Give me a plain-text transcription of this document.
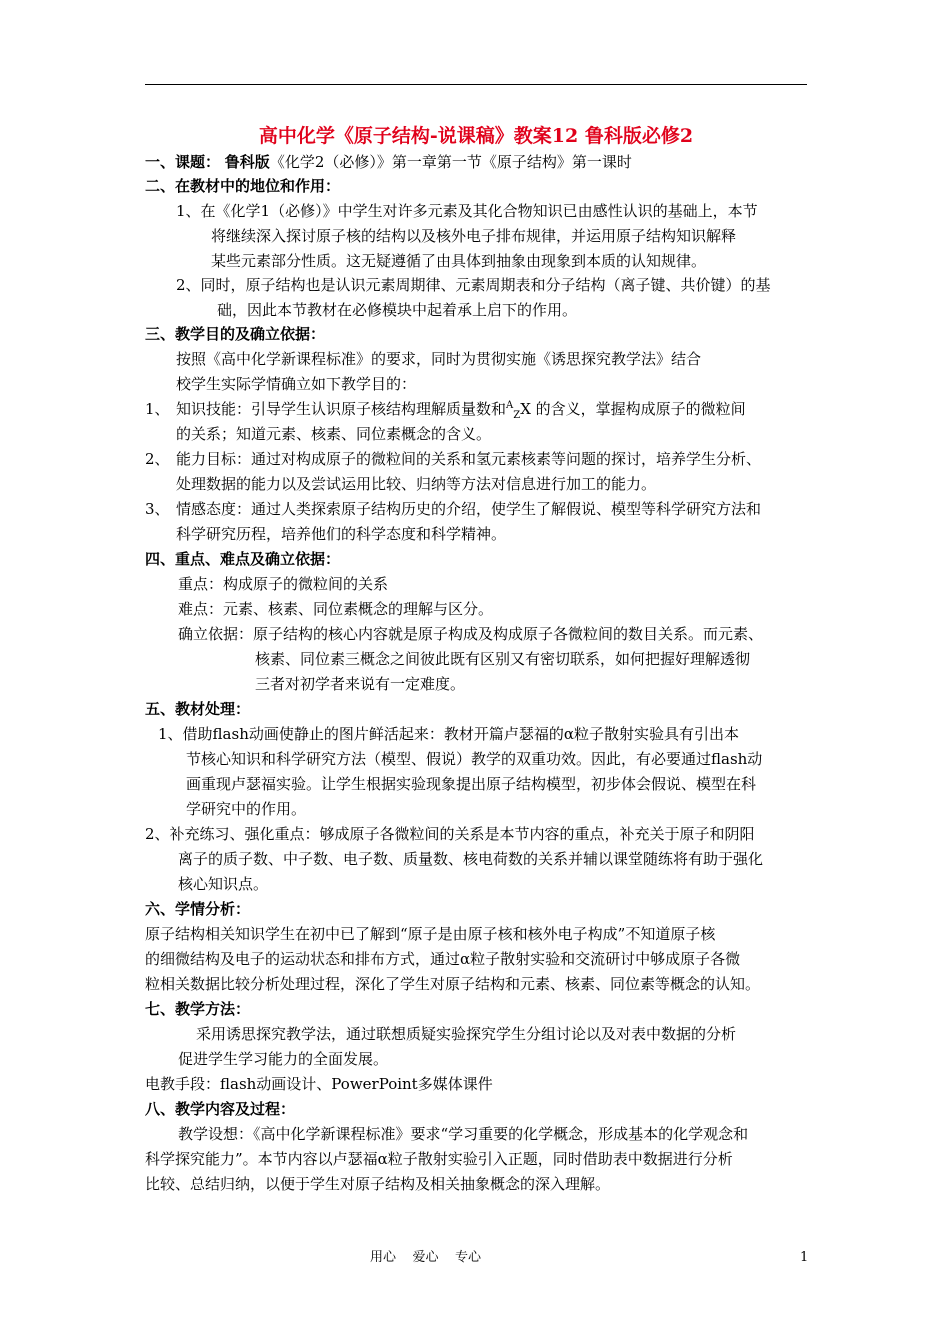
高中化学《原子结构-说课稿》教案12 鲁科版必修2
一、课题： 鲁科版《化学2（必修）》第一章第一节《原子结构》第一课时
二、在教材中的地位和作用：
1、在《化学1（必修）》中学生对许多元素及其化合物知识已由感性认识的基础上，本节
将继续深入探讨原子核的结构以及核外电子排布规律，并运用原子结构知识解释
某些元素部分性质。这无疑遵循了由具体到抽象由现象到本质的认知规律。
2、同时，原子结构也是认识元素周期律、元素周期表和分子结构（离子键、共价键）的基
础，因此本节教材在必修模块中起着承上启下的作用。
三、教学目的及确立依据：
按照《高中化学新课程标准》的要求，同时为贯彻实施《诱思探究教学法》结合
校学生实际学情确立如下教学目的：
1、 知识技能：引导学生认识原子核结构理解质量数和$^A_Z$X 的含义，掌握构成原子的微粒间
的关系；知道元素、核素、同位素概念的含义。
2、 能力目标：通过对构成原子的微粒间的关系和氢元素核素等问题的探讨，培养学生分析、
处理数据的能力以及尝试运用比较、归纳等方法对信息进行加工的能力。
3、 情感态度：通过人类探索原子结构历史的介绍，使学生了解假说、模型等科学研究方法和
科学研究历程，培养他们的科学态度和科学精神。
四、重点、难点及确立依据：
重点：构成原子的微粒间的关系
难点：元素、核素、同位素概念的理解与区分。
确立依据：原子结构的核心内容就是原子构成及构成原子各微粒间的数目关系。而元素、
核素、同位素三概念之间彼此既有区别又有密切联系，如何把握好理解透彻
三者对初学者来说有一定难度。
五、教材处理：
1、借助flash动画使静止的图片鲜活起来：教材开篇卢瑟福的α粒子散射实验具有引出本
节核心知识和科学研究方法（模型、假说）教学的双重功效。因此，有必要通过flash动
画重现卢瑟福实验。让学生根据实验现象提出原子结构模型，初步体会假说、模型在科
学研究中的作用。
2、补充练习、强化重点：够成原子各微粒间的关系是本节内容的重点，补充关于原子和阴阳
离子的质子数、中子数、电子数、质量数、核电荷数的关系并辅以课堂随练将有助于强化
核心知识点。
六、学情分析：
原子结构相关知识学生在初中已了解到“原子是由原子核和核外电子构成”不知道原子核
的细微结构及电子的运动状态和排布方式，通过α粒子散射实验和交流研讨中够成原子各微
粒相关数据比较分析处理过程，深化了学生对原子结构和元素、核素、同位素等概念的认知。
七、教学方法：
采用诱思探究教学法，通过联想质疑实验探究学生分组讨论以及对表中数据的分析
促进学生学习能力的全面发展。
电教手段：flash动画设计、PowerPoint多媒体课件
八、教学内容及过程：
教学设想：《高中化学新课程标准》要求“学习重要的化学概念，形成基本的化学观念和
科学探究能力”。本节内容以卢瑟福α粒子散射实验引入正题，同时借助表中数据进行分析
比较、总结归纳，以便于学生对原子结构及相关抽象概念的深入理解。
用心    爱心    专心	1
